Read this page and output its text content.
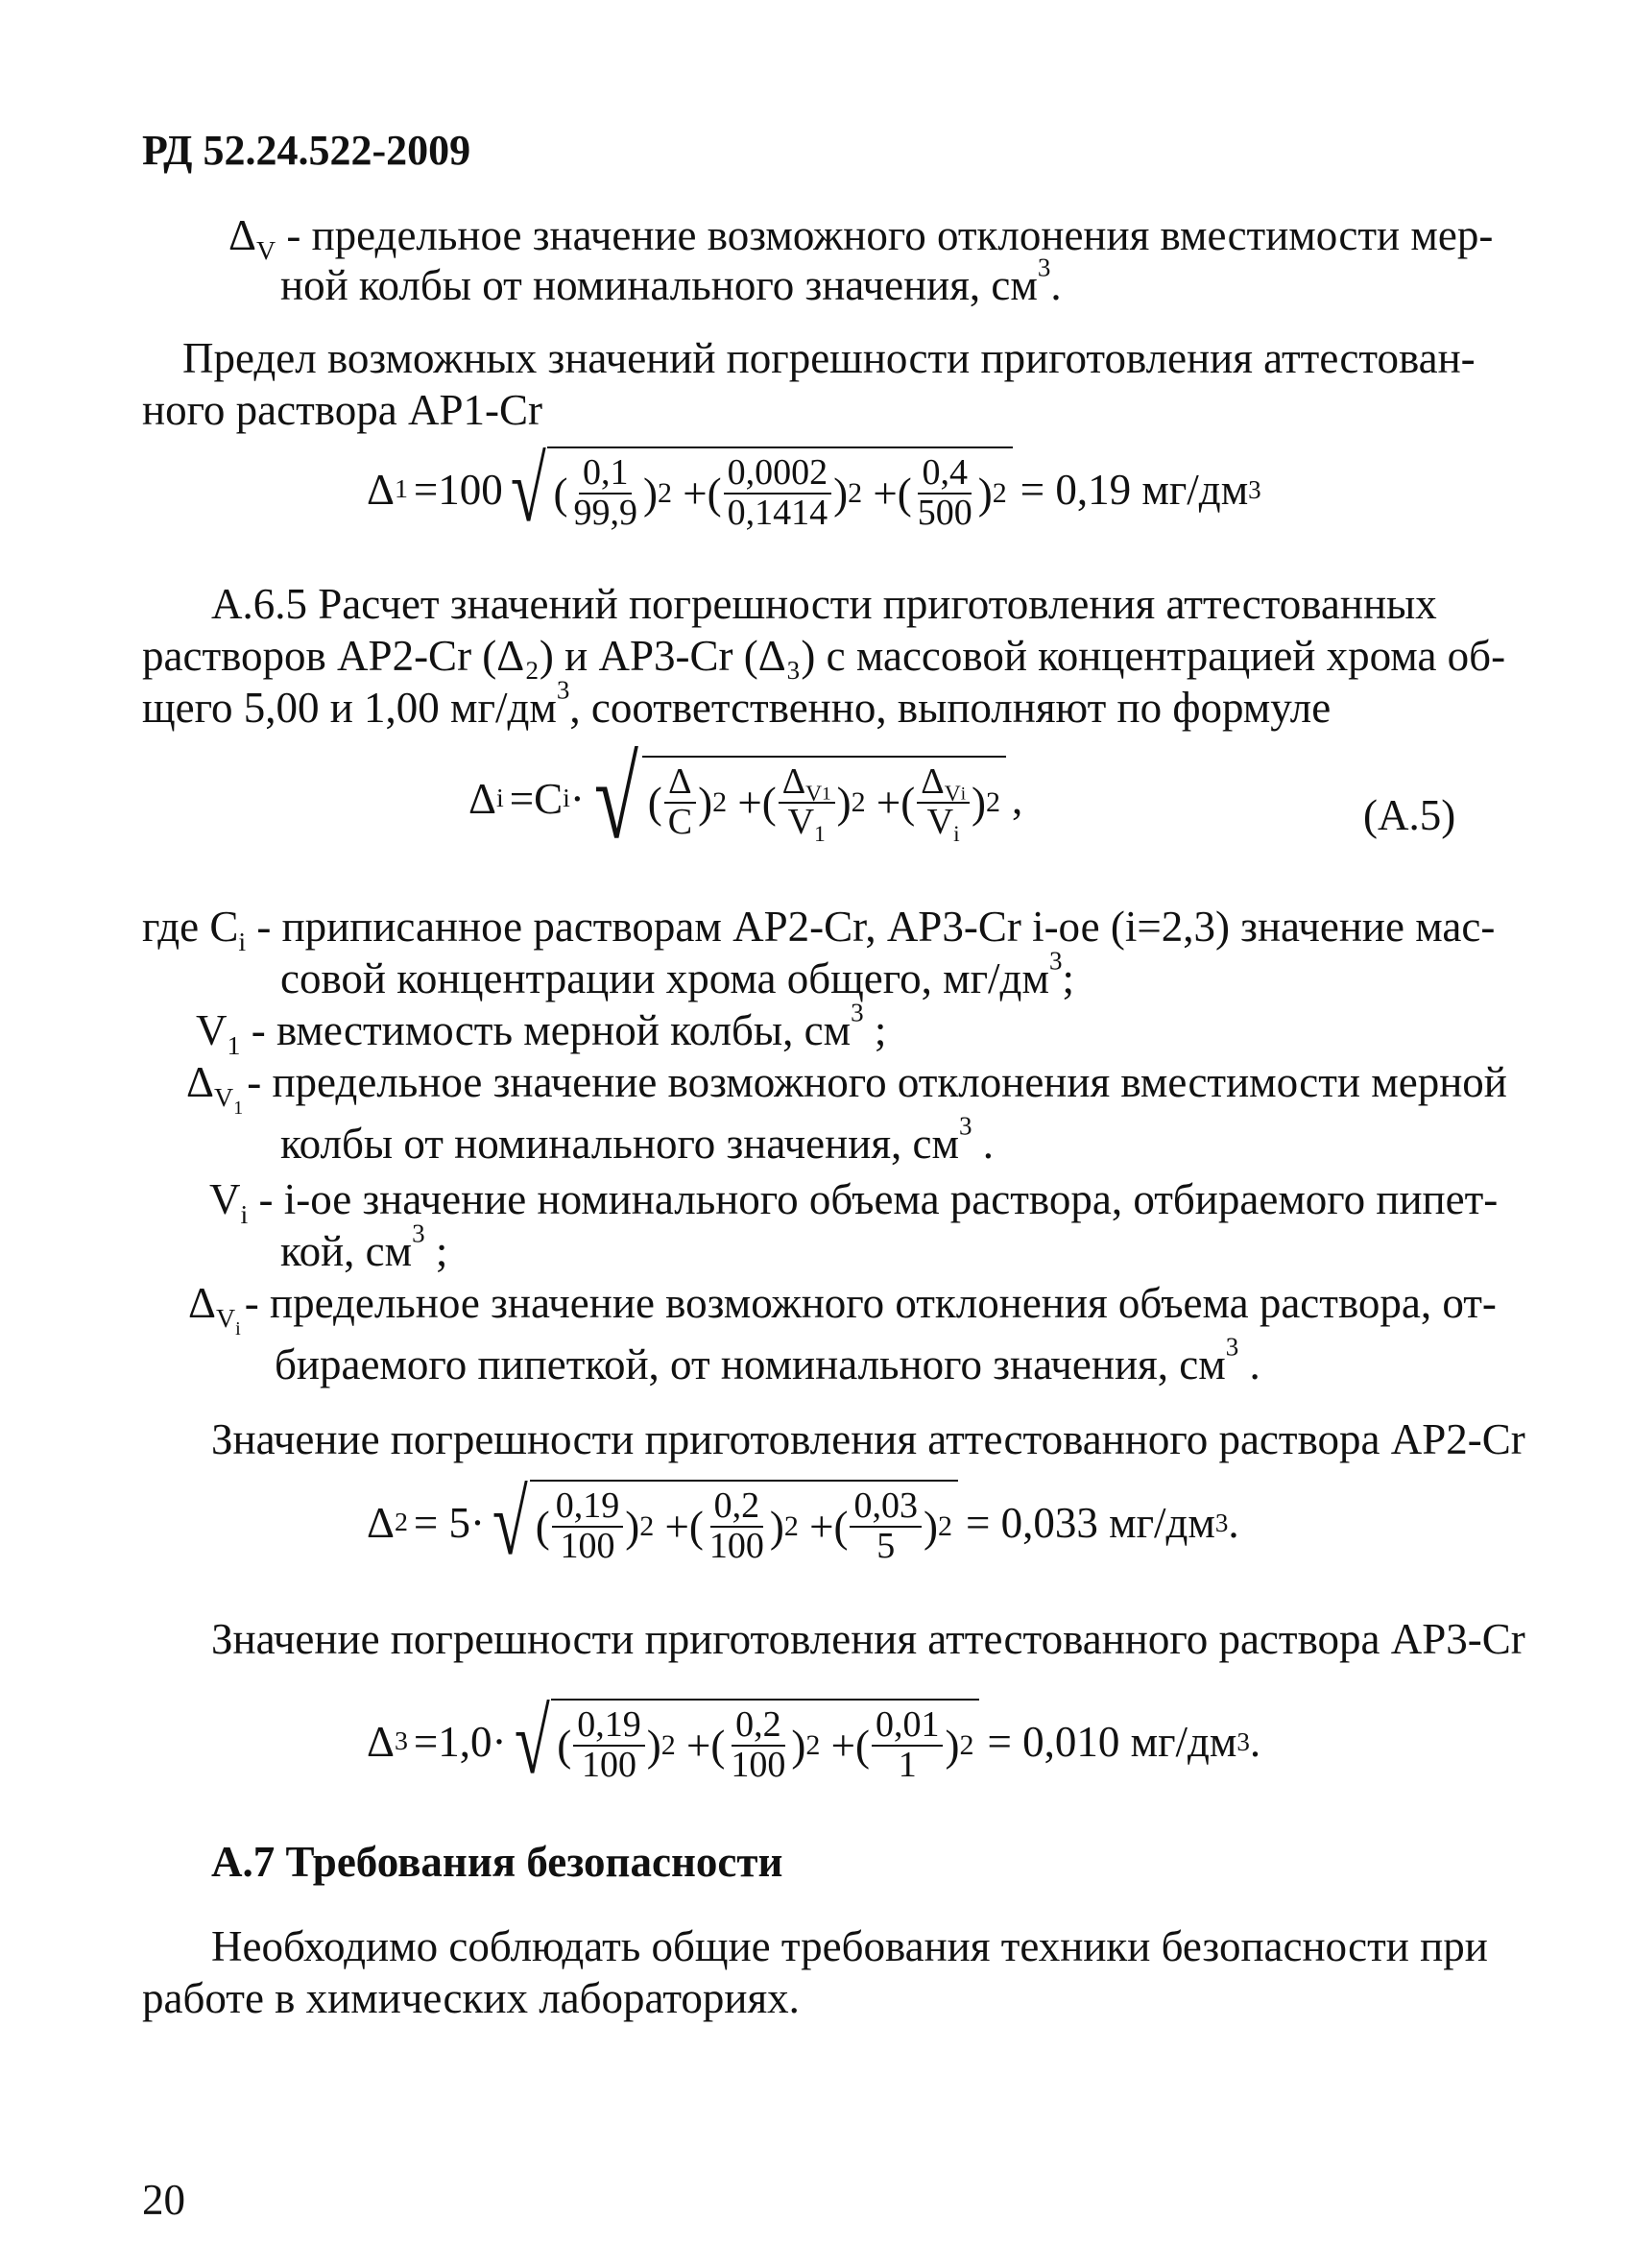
РД 52.24.522-2009
$\Delta_V$ - предельное значение возможного отклонения вместимости мер-
ной колбы от номинального значения, $см^3$.
Предел возможных значений погрешности приготовления аттестован-
ного раствора АР1-Cr
Δ 1 =100 √ ( $\frac{0,1}{99,9}$ ) 2 +( $\frac{0,0002}{0,1414}$ ) 2 +( $\frac{0,4}{500}$ ) 2 = 0,19 мг/дм 3
А.6.5 Расчет значений погрешности приготовления аттестованных
растворов АР2-Cr (Δ₂) и АР3-Cr (Δ₃) с массовой концентрацией хрома об-
щего 5,00 и 1,00 $мг/дм^3$, соответственно, выполняют по формуле
Δ i =C i · √ ( $\frac{\Delta}{C}$ ) 2 +( $\frac{\Delta_{V1}}{V_1}$ ) 2 +( $\frac{\Delta_{Vi}}{V_i}$ ) 2 ,	(А.5)
где $C_i$ - приписанное растворам АР2-Cr, АР3-Cr i-ое (i=2,3) значение мас-
совой концентрации хрома общего, $мг/дм^3$;
$V_1$ - вместимость мерной колбы, $см^3$ ;
$\Delta_{V1}-$ предельное значение возможного отклонения вместимости мерной
колбы от номинального значения, $см^3$ .
$V_i - i-ое$ значение номинального объема раствора, отбираемого пипет-
кой, $см^3$ ;
$\Delta_{Vi}-$ предельное значение возможного отклонения объема раствора, от-
бираемого пипеткой, от номинального значения, $см^3$ .
Значение погрешности приготовления аттестованного раствора АР2-Cr
Δ 2 = 5· √ ( $\frac{0,19}{100}$ ) 2 +( $\frac{0,2}{100}$ ) 2 +( $\frac{0,03}{5}$ ) 2 = 0,033 мг/дм 3 .
Значение погрешности приготовления аттестованного раствора АР3-Cr
Δ 3 =1,0· √ ( $\frac{0,19}{100}$ ) 2 +( $\frac{0,2}{100}$ ) 2 +( $\frac{0,01}{1}$ ) 2 = 0,010 мг/дм 3 .
А.7 Требования безопасности
Необходимо соблюдать общие требования техники безопасности при
работе в химических лабораториях.
20
